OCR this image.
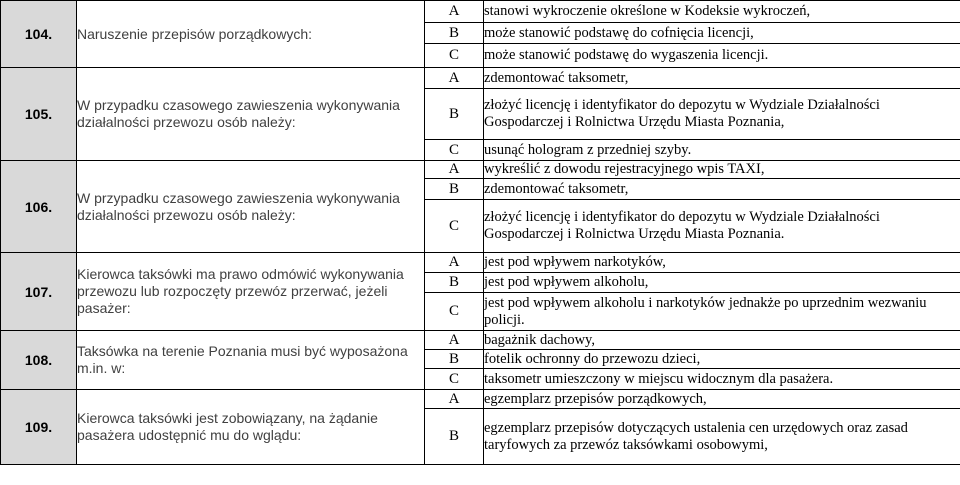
104.	Naruszenie przepisów porządkowych:	A	stanowi wykroczenie określone w Kodeksie wykroczeń,
		B	może stanowić podstawę do cofnięcia licencji,
		C	może stanowić podstawę do wygaszenia licencji.
105.	W przypadku czasowego zawieszenia wykonywania działalności przewozu osób należy:	A	zdemontować taksometr,
		B	złożyć licencję i identyfikator do depozytu w Wydziale Działalności Gospodarczej i Rolnictwa Urzędu Miasta Poznania,
		C	usunąć hologram z przedniej szyby.
106.	W przypadku czasowego zawieszenia wykonywania działalności przewozu osób należy:	A	wykreślić z dowodu rejestracyjnego wpis TAXI,
		B	zdemontować taksometr,
		C	złożyć licencję i identyfikator do depozytu w Wydziale Działalności Gospodarczej i Rolnictwa Urzędu Miasta Poznania.
107.	Kierowca taksówki ma prawo odmówić wykonywania przewozu lub rozpoczęty przewóz przerwać, jeżeli pasażer:	A	jest pod wpływem narkotyków,
		B	jest pod wpływem alkoholu,
		C	jest pod wpływem alkoholu i narkotyków jednakże po uprzednim wezwaniu policji.
108.	Taksówka na terenie Poznania musi być wyposażona m.in. w:	A	bagażnik dachowy,
		B	fotelik ochronny do przewozu dzieci,
		C	taksometr umieszczony w miejscu widocznym dla pasażera.
109.	Kierowca taksówki jest zobowiązany, na żądanie pasażera udostępnić mu do wglądu:	A	egzemplarz przepisów porządkowych,
		B	egzemplarz przepisów dotyczących ustalenia cen urzędowych oraz zasad taryfowych za przewóz taksówkami osobowymi,
